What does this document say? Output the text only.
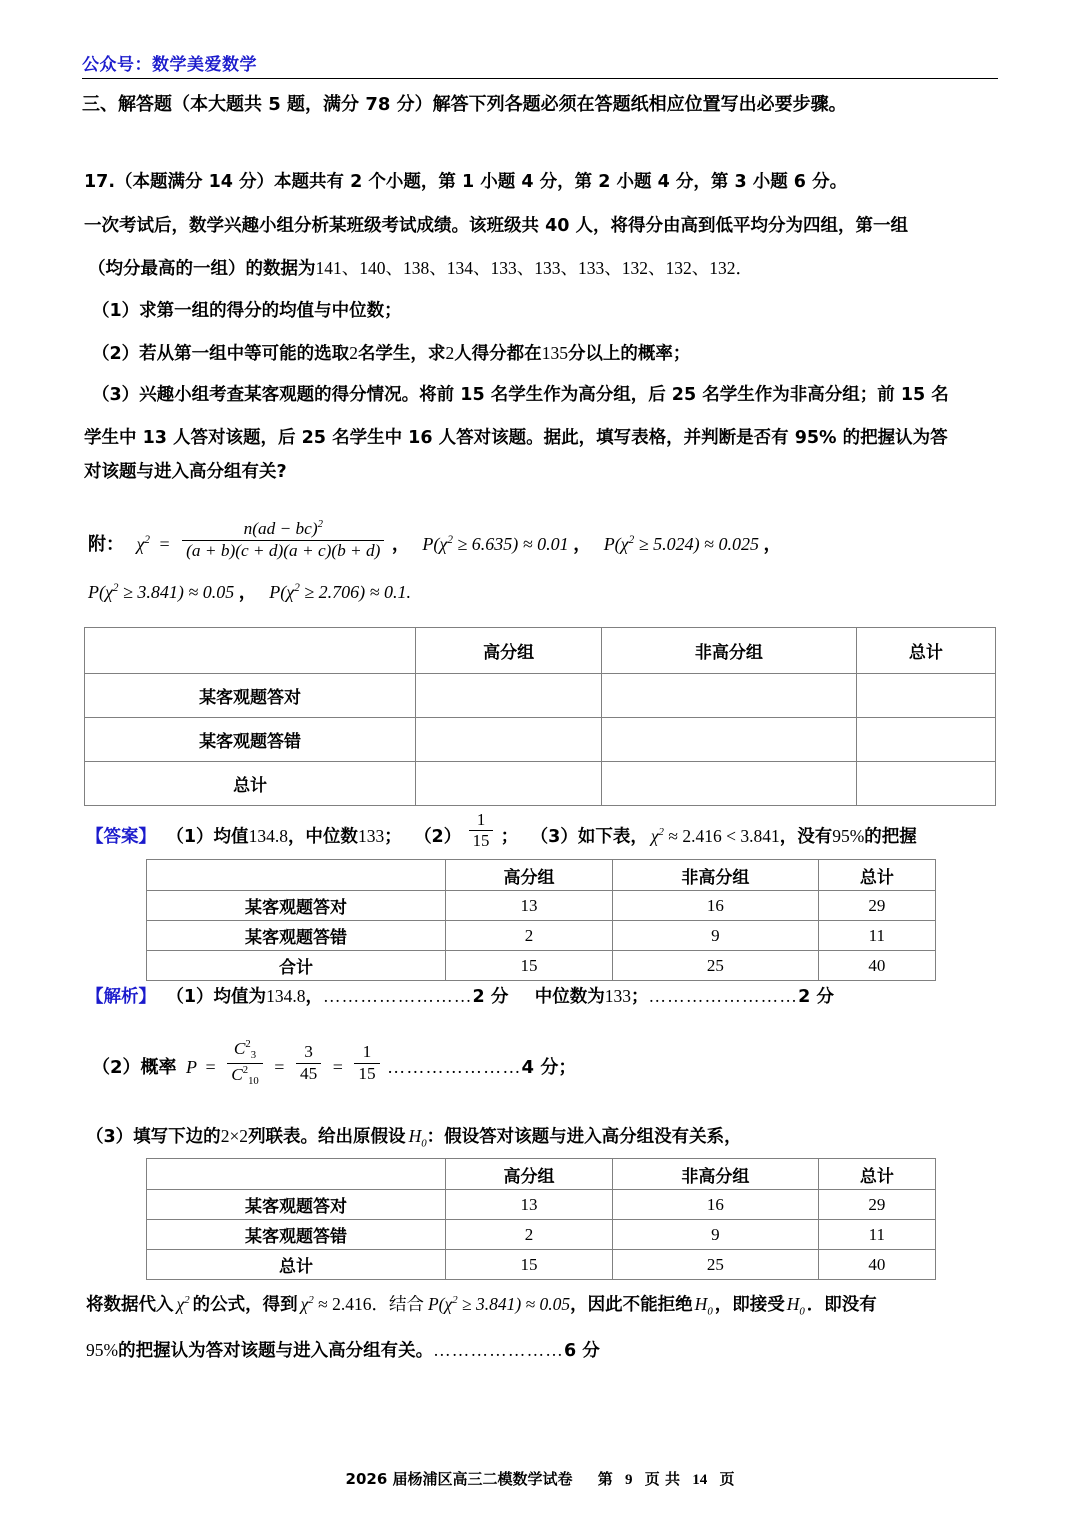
公众号：数学美爱数学
三、解答题（本大题共 5 题，满分 78 分）解答下列各题必须在答题纸相应位置写出必要步骤。
17.（本题满分 14 分）本题共有 2 个小题，第 1 小题 4 分，第 2 小题 4 分，第 3 小题 6 分。
一次考试后，数学兴趣小组分析某班级考试成绩。该班级共 40 人，将得分由高到低平均分为四组，第一组
（均分最高的一组）的数据为141、140、138、134、133、133、133、132、132、132．
（1）求第一组的得分的均值与中位数；
（2）若从第一组中等可能的选取2名学生，求2人得分都在135分以上的概率；
（3）兴趣小组考查某客观题的得分情况。将前 15 名学生作为高分组，后 25 名学生作为非高分组；前 15 名
学生中 13 人答对该题，后 25 名学生中 16 人答对该题。据此，填写表格，并判断是否有 95% 的把握认为答
对该题与进入高分组有关?
附： $\chi^2 = \frac{n(ad - bc)^2}{(a + b)(c + d)(a + c)(b + d)}$ ， $P(\chi^2 \ge 6.635) \approx 0.01$ ， $P(\chi^2 \ge 5.024) \approx 0.025$ ，
$P(\chi^2 \ge 3.841) \approx 0.05$ ， $P(\chi^2 \ge 2.706) \approx 0.1$.
	高分组	非高分组	总计
某客观题答对			
某客观题答错			
总计			
【答案】 （1）均值134.8，中位数133； $(2) \frac{1}{15}$ ； （3）如下表， $\chi^2 \approx 2.416 < 3.841$，没有95%的把握
	高分组	非高分组	总计
某客观题答对	13	16	29
某客观题答错	2	9	11
合计	15	25	40
【解析】 （1）均值为134.8，……………………2 分 中位数为133；……………………2 分
（2）概率 $P = \frac{C^2_3}{C^2_{10}} = \frac{3}{45} = \frac{1}{15}$ …………………4 分；
（3）填写下边的2×2列联表。给出原假设 $H_0$：假设答对该题与进入高分组没有关系，
	高分组	非高分组	总计
某客观题答对	13	16	29
某客观题答错	2	9	11
总计	15	25	40
将数据代入 $\chi^2$ 的公式，得到 $\chi^2 \approx 2.416$．结合 $P(\chi^2 \ge 3.841) \approx 0.05$，因此不能拒绝 $H_0$ ，即接受 $H_0$ ．即没有
95%的把握认为答对该题与进入高分组有关。…………………6 分
2026 届杨浦区高三二模数学试卷 第 9 页 共 14 页
